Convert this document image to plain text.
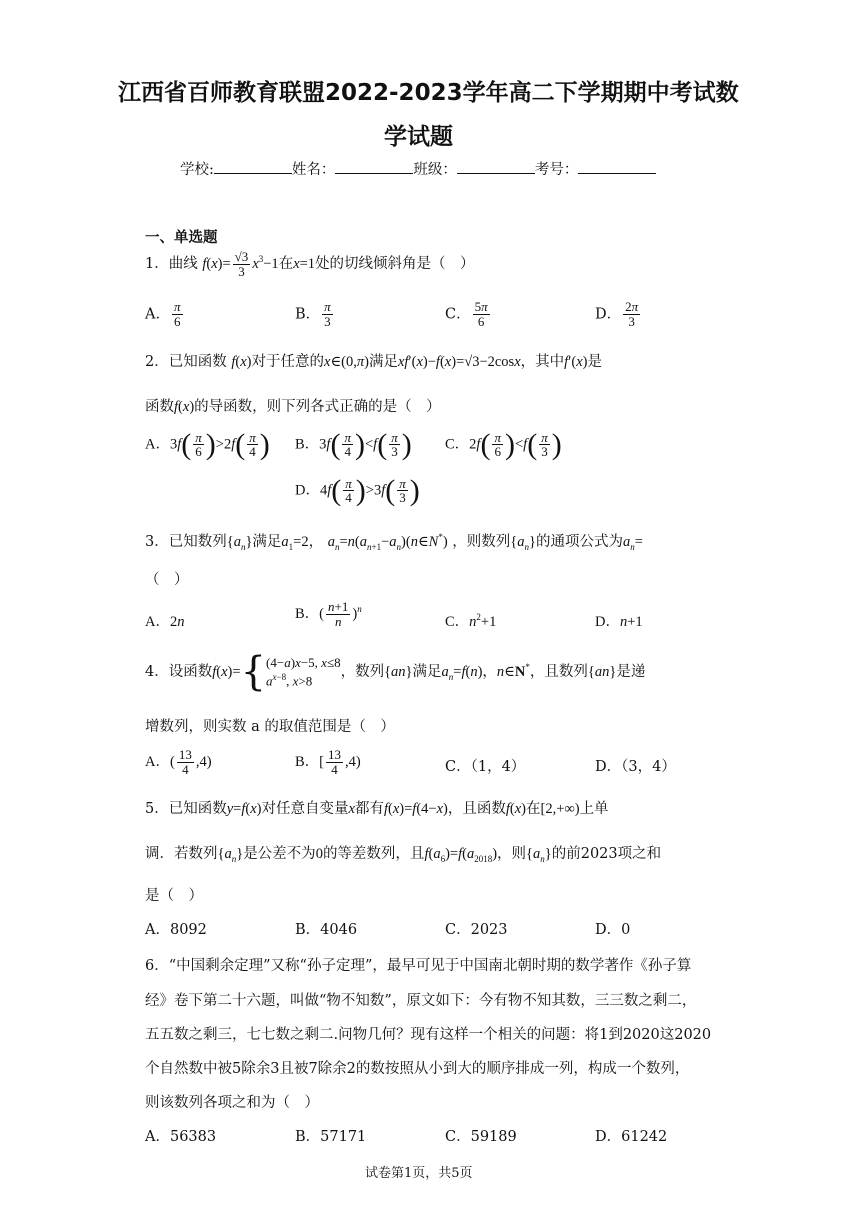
江西省百师教育联盟2022-2023学年高二下学期期中考试数
学试题
学校:	姓名：	班级：	考号：
一、单选题
1．曲线 $f(x)= \frac{√3}{3} x^3-1$在x=1处的切线倾斜角是（　）
A． $\frac{\pi}{6}$	B． $\frac{\pi}{3}$	C． $\frac{5\pi}{6}$	D． $\frac{2\pi}{3}$
2．已知函数 f(x)对于任意的x∈(0,π)满足xf′(x)−f(x)=√3−2cosx，其中f′(x)是
函数f(x)的导函数，则下列各式正确的是（　）
A．$3f( \frac{\pi}{6} )>2f( \frac{\pi}{4}$ ) B．$3f( \frac{\pi}{4} )<f( \frac{\pi}{3}$ ) C．$2f( \frac{\pi}{6} )<f( \frac{\pi}{3}$ )
D．$4f( \frac{\pi}{4} )>3f( \frac{\pi}{3}$ )
3．已知数列$\{a_n\}$满足$a_1=2$， $a_n=n(a_{n+1}-a_n)(n\in N^*)$ ，则数列$\{a_n\}$的通项公式为$a_n=$
（　）
A．2n
B．( $\frac{n+1}{n} )^n$
C．$n^2+1$	D．n+1
4．设函数f(x)={ (4−a)x−5, x≤8
$a^{x-8}$, x>8
，数列{an}满足$a_n=f(n)$，n∈N*，且数列{an}是递
增数列，则实数 a 的取值范围是（　）
A．( $\frac{13}{4} ,4$)	B．[ $\frac{13}{4} ,4$)	C．（1，4）	D．（3，4）
5．已知函数y=f(x)对任意自变量x都有f(x)=f(4−x)，且函数f(x)在[2,+∞)上单
调．若数列$\{a_n\}$是公差不为0的等差数列，且$f(a_6)=f(a_{2018})$，则$\{a_n\}$的前2023项之和
是（　）
A．8092	B．4046	C．2023	D．0
6．“中国剩余定理”又称“孙子定理”，最早可见于中国南北朝时期的数学著作《孙子算
经》卷下第二十六题，叫做“物不知数”，原文如下：今有物不知其数，三三数之剩二，
五五数之剩三，七七数之剩二.问物几何？现有这样一个相关的问题：将1到2020这2020
个自然数中被5除余3且被7除余2的数按照从小到大的顺序排成一列，构成一个数列，
则该数列各项之和为（　）
A．56383	B．57171	C．59189	D．61242
试卷第1页，共5页
